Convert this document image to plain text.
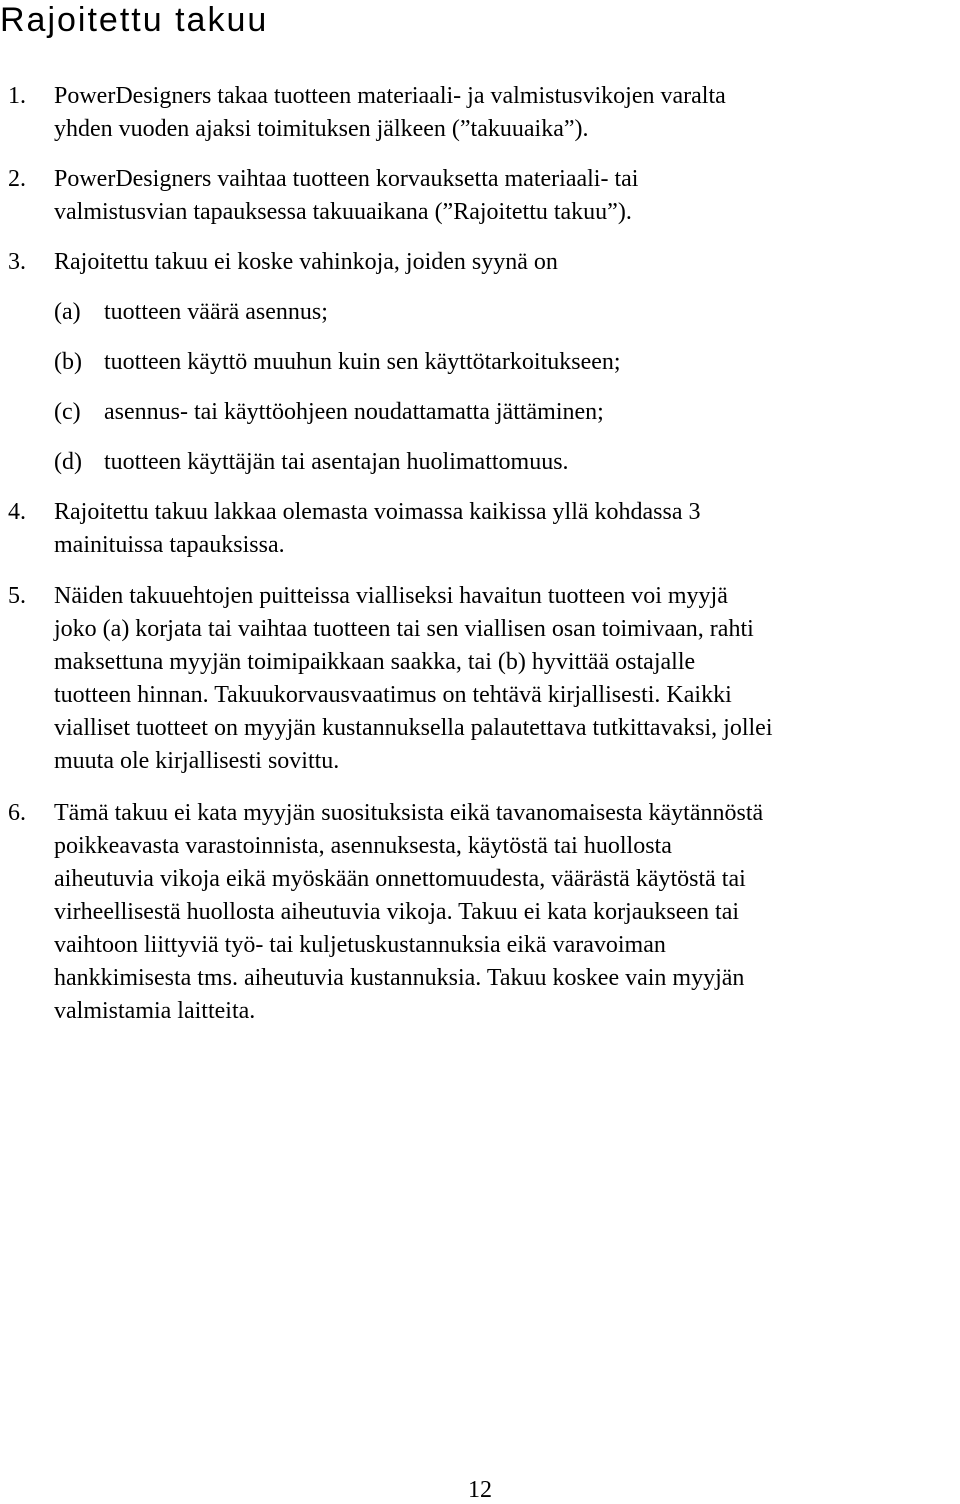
Rajoitettu takuu
1. PowerDesigners takaa tuotteen materiaali- ja valmistusvikojen varalta
yhden vuoden ajaksi toimituksen jälkeen (”takuuaika”).
2. PowerDesigners vaihtaa tuotteen korvauksetta materiaali- tai
valmistusvian tapauksessa takuuaikana (”Rajoitettu takuu”).
3. Rajoitettu takuu ei koske vahinkoja, joiden syynä on
(a) tuotteen väärä asennus;
(b) tuotteen käyttö muuhun kuin sen käyttötarkoitukseen;
(c) asennus- tai käyttöohjeen noudattamatta jättäminen;
(d) tuotteen käyttäjän tai asentajan huolimattomuus.
4. Rajoitettu takuu lakkaa olemasta voimassa kaikissa yllä kohdassa 3
mainituissa tapauksissa.
5. Näiden takuuehtojen puitteissa vialliseksi havaitun tuotteen voi myyjä
joko (a) korjata tai vaihtaa tuotteen tai sen viallisen osan toimivaan, rahti
maksettuna myyjän toimipaikkaan saakka, tai (b) hyvittää ostajalle
tuotteen hinnan. Takuukorvausvaatimus on tehtävä kirjallisesti. Kaikki
vialliset tuotteet on myyjän kustannuksella palautettava tutkittavaksi, jollei
muuta ole kirjallisesti sovittu.
6. Tämä takuu ei kata myyjän suosituksista eikä tavanomaisesta käytännöstä
poikkeavasta varastoinnista, asennuksesta, käytöstä tai huollosta
aiheutuvia vikoja eikä myöskään onnettomuudesta, väärästä käytöstä tai
virheellisestä huollosta aiheutuvia vikoja. Takuu ei kata korjaukseen tai
vaihtoon liittyviä työ- tai kuljetuskustannuksia eikä varavoiman
hankkimisesta tms. aiheutuvia kustannuksia. Takuu koskee vain myyjän
valmistamia laitteita.
12
